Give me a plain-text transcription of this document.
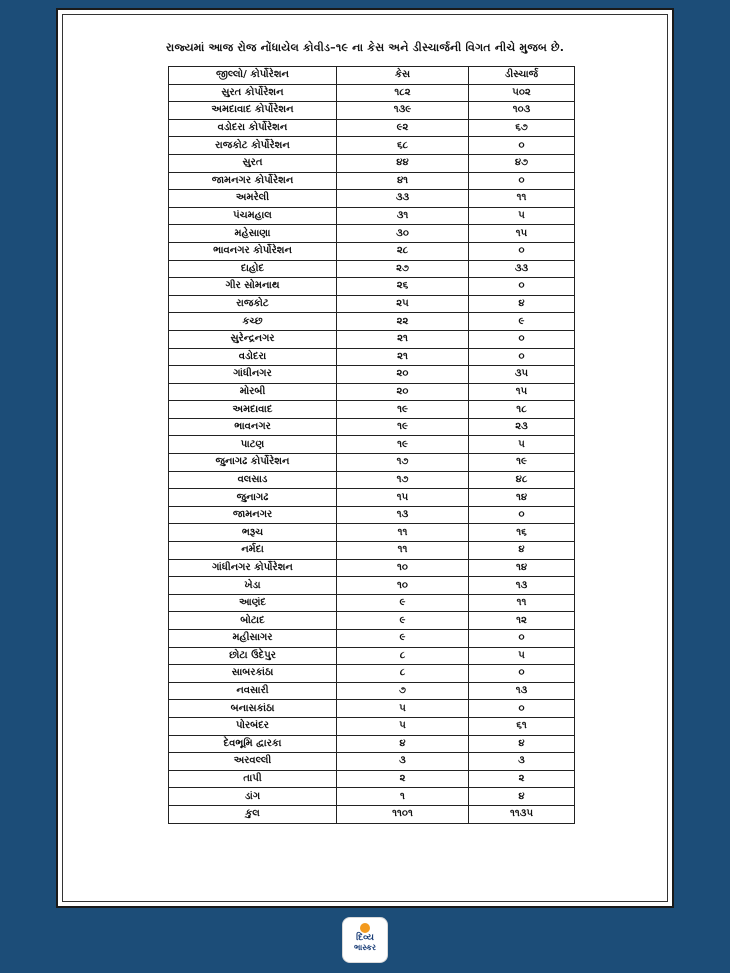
રાજ્યમાં આજ રોજ નોંધાયેલ કોવીડ–૧૯ ના કેસ અને ડીસ્ચાર્જની વિગત નીચે મુજબ છે.
જીલ્લો/ કોર્પોરેશન	કેસ	ડીસ્ચાર્જ
સુરત કોર્પોરેશન	૧૮૨	૫૦૨
અમદાવાદ કોર્પોરેશન	૧૩૯	૧૦૩
વડોદરા કોર્પોરેશન	૯૨	૬૭
રાજકોટ કોર્પોરેશન	૬૮	૦
સુરત	૪૪	૪૭
જામનગર કોર્પોરેશન	૪૧	૦
અમરેલી	૩૩	૧૧
પંચમહાલ	૩૧	૫
મહેસાણા	૩૦	૧૫
ભાવનગર કોર્પોરેશન	૨૮	૦
દાહોદ	૨૭	૩૩
ગીર સોમનાથ	૨૬	૦
રાજકોટ	૨૫	૪
કચ્છ	૨૨	૯
સુરેન્દ્રનગર	૨૧	૦
વડોદરા	૨૧	૦
ગાંધીનગર	૨૦	૩૫
મોરબી	૨૦	૧૫
અમદાવાદ	૧૯	૧૮
ભાવનગર	૧૯	૨૩
પાટણ	૧૯	૫
જુનાગઢ કોર્પોરેશન	૧૭	૧૯
વલસાડ	૧૭	૪૮
જુનાગઢ	૧૫	૧૪
જામનગર	૧૩	૦
ભરૂચ	૧૧	૧૬
નર્મદા	૧૧	૪
ગાંધીનગર કોર્પોરેશન	૧૦	૧૪
ખેડા	૧૦	૧૩
આણંદ	૯	૧૧
બોટાદ	૯	૧૨
મહીસાગર	૯	૦
છોટા ઉદેપુર	૮	૫
સાબરકાંઠા	૮	૦
નવસારી	૭	૧૩
બનાસકાંઠા	૫	૦
પોરબંદર	૫	૬૧
દેવભૂમિ દ્વારકા	૪	૪
અરવલ્લી	૩	૩
તાપી	૨	૨
ડાંગ	૧	૪
કુલ	૧૧૦૧	૧૧૩૫
દિવ્ય
ભાસ્કર
